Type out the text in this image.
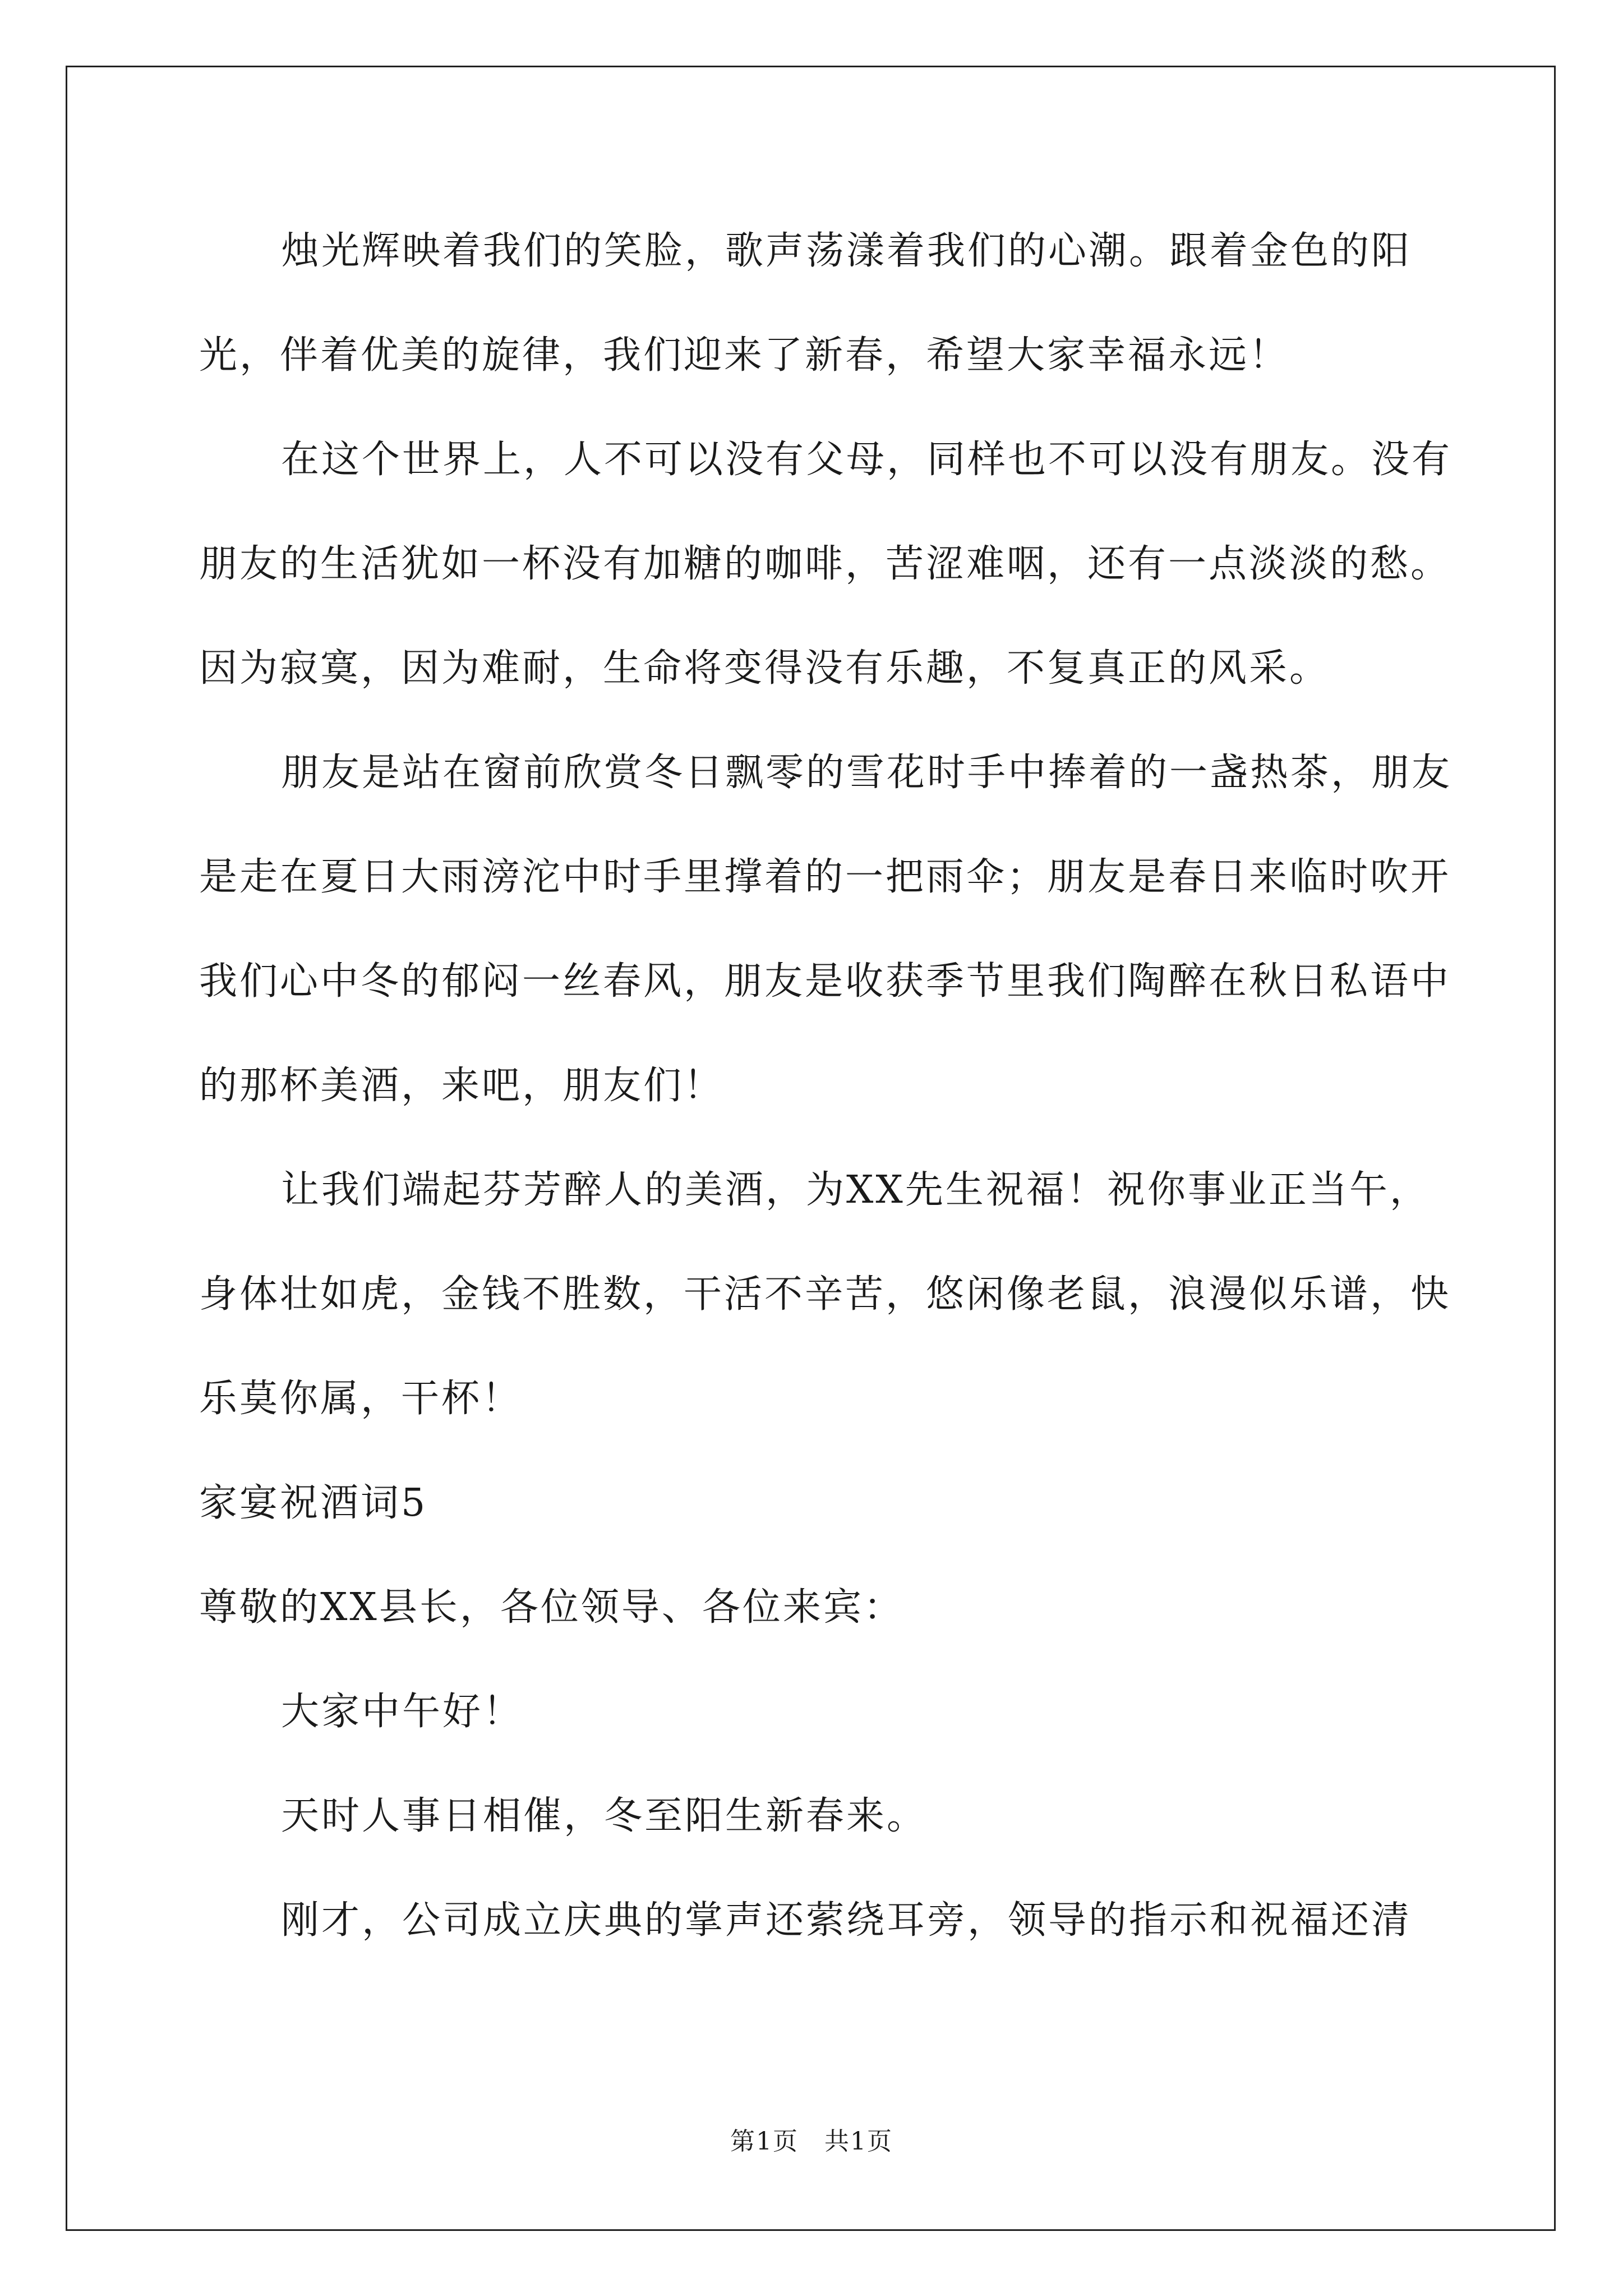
烛光辉映着我们的笑脸，歌声荡漾着我们的心潮。跟着金色的阳光，伴着优美的旋律，我们迎来了新春，希望大家幸福永远！

在这个世界上，人不可以没有父母，同样也不可以没有朋友。没有朋友的生活犹如一杯没有加糖的咖啡，苦涩难咽，还有一点淡淡的愁。因为寂寞，因为难耐，生命将变得没有乐趣，不复真正的风采。

朋友是站在窗前欣赏冬日飘零的雪花时手中捧着的一盏热茶，朋友是走在夏日大雨滂沱中时手里撑着的一把雨伞；朋友是春日来临时吹开我们心中冬的郁闷一丝春风，朋友是收获季节里我们陶醉在秋日私语中的那杯美酒，来吧，朋友们！

让我们端起芬芳醉人的美酒，为XX先生祝福！祝你事业正当午，身体壮如虎，金钱不胜数，干活不辛苦，悠闲像老鼠，浪漫似乐谱，快乐莫你属，干杯！

家宴祝酒词5

尊敬的XX县长，各位领导、各位来宾：

大家中午好！

天时人事日相催，冬至阳生新春来。

刚才，公司成立庆典的掌声还萦绕耳旁，领导的指示和祝福还清

第1页　共1页
